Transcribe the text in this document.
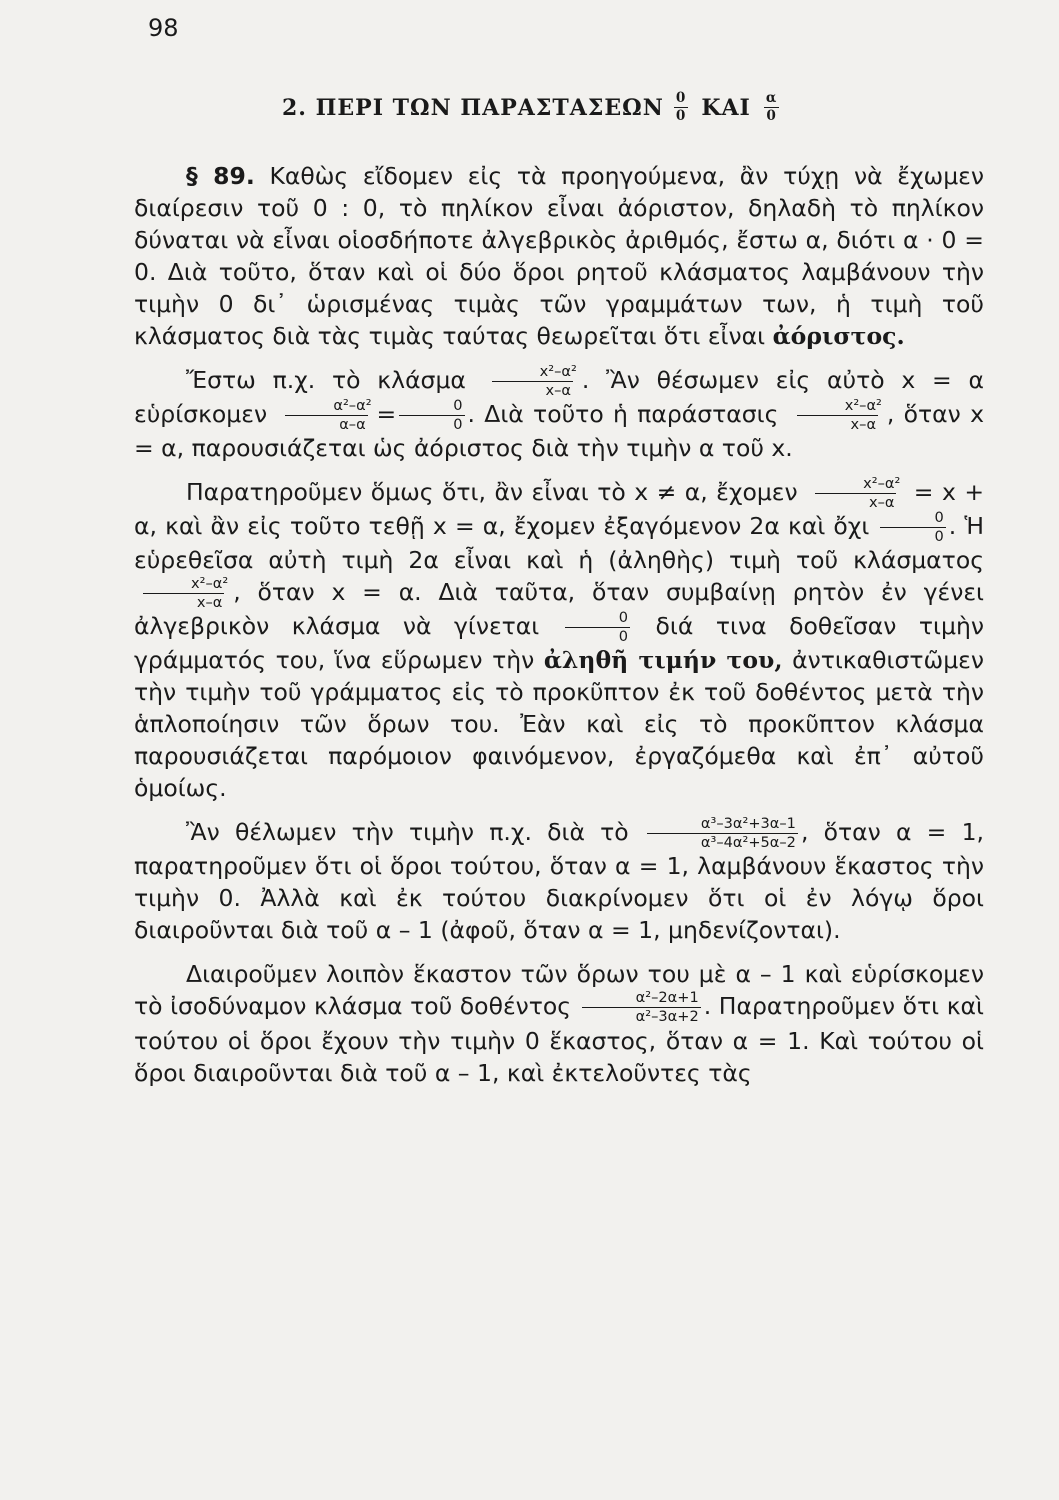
98
2. ΠΕΡΙ ΤΩΝ ΠΑΡΑΣΤΑΣΕΩΝ $\frac{0}{0}$ ΚΑΙ $\frac{\alpha}{0}$

§ 89. Καθὼς εἴδομεν εἰς τὰ προηγούμενα, ἂν τύχῃ νὰ ἔχωμεν διαίρεσιν τοῦ 0 : 0, τὸ πηλίκον εἶναι ἀόριστον, δηλαδὴ τὸ πηλίκον δύναται νὰ εἶναι οἱοσδήποτε ἀλγεβρικὸς ἀριθμός, ἔστω α, διότι α · 0 = 0. Διὰ τοῦτο, ὅταν καὶ οἱ δύο ὅροι ρητοῦ κλάσματος λαμβάνουν τὴν τιμὴν 0 δι᾽ ὡρισμένας τιμὰς τῶν γραμμάτων των, ἡ τιμὴ τοῦ κλάσματος διὰ τὰς τιμὰς ταύτας θεωρεῖται ὅτι εἶναι ἀόριστος.

Ἔστω π.χ. τὸ κλάσμα $\frac{\text{x²–α²}}{x-\alpha}$ . Ἂν θέσωμεν εἰς αὐτὸ x = α εὑρίσκομεν $\frac{\text{α²–α²}}{\alpha-\alpha} = \frac{0}{0}$ . Διὰ τοῦτο ἡ παράστασις $\frac{\text{x²–α²}}{x-\alpha}$ , ὅταν x = α, παρουσιάζεται ὡς ἀόριστος διὰ τὴν τιμὴν α τοῦ x.

Παρατηροῦμεν ὅμως ὅτι, ἂν εἶναι τὸ x ≠ α, ἔχομεν $\frac{\text{x²–α²}}{x-\alpha} = x + \alpha$, καὶ ἂν εἰς τοῦτο τεθῇ x = α, ἔχομεν ἐξαγόμενον 2α καὶ ὄχι $\frac{0}{0}$ . Ἡ εὑρεθεῖσα αὐτὴ τιμὴ 2α εἶναι καὶ ἡ (ἀληθὴς) τιμὴ τοῦ κλάσματος
$\frac{\text{x²–α²}}{x-\alpha}$ , ὅταν x = α. Διὰ ταῦτα, ὅταν συμβαίνῃ ρητὸν ἐν γένει ἀλγεβρικὸν κλάσμα νὰ γίνεται $\frac{0}{0}$ διά τινα δοθεῖσαν τιμὴν γράμματός του, ἵνα εὕρωμεν τὴν ἀληθῆ τιμήν του, ἀντικαθιστῶμεν τὴν τιμὴν τοῦ γράμματος εἰς τὸ προκῦπτον ἐκ τοῦ δοθέντος μετὰ τὴν ἁπλοποίησιν τῶν ὅρων του. Ἐὰν καὶ εἰς τὸ προκῦπτον κλάσμα παρουσιάζεται παρόμοιον φαινόμενον, ἐργαζόμεθα καὶ ἐπ᾽ αὐτοῦ ὁμοίως.

Ἂν θέλωμεν τὴν τιμὴν π.χ. διὰ τὸ $\frac{\text{α³–3α²+3α–1}}{\text{α³–4α²+5α–2}}$ , ὅταν α = 1, παρατηροῦμεν ὅτι οἱ ὅροι τούτου, ὅταν α = 1, λαμβάνουν ἕκαστος τὴν τιμὴν 0. Ἀλλὰ καὶ ἐκ τούτου διακρίνομεν ὅτι οἱ ἐν λόγῳ ὅροι διαιροῦνται διὰ τοῦ α – 1 (ἀφοῦ, ὅταν α = 1, μηδενίζονται).

Διαιροῦμεν λοιπὸν ἕκαστον τῶν ὅρων του μὲ α – 1 καὶ εὑρίσκομεν τὸ ἰσοδύναμον κλάσμα τοῦ δοθέντος $\frac{\text{α²–2α+1}}{\text{α²–3α+2}}$ . Παρατηροῦμεν ὅτι καὶ τούτου οἱ ὅροι ἔχουν τὴν τιμὴν 0 ἕκαστος, ὅταν α = 1. Καὶ τούτου οἱ ὅροι διαιροῦνται διὰ τοῦ α – 1, καὶ ἐκτελοῦντες τὰς
